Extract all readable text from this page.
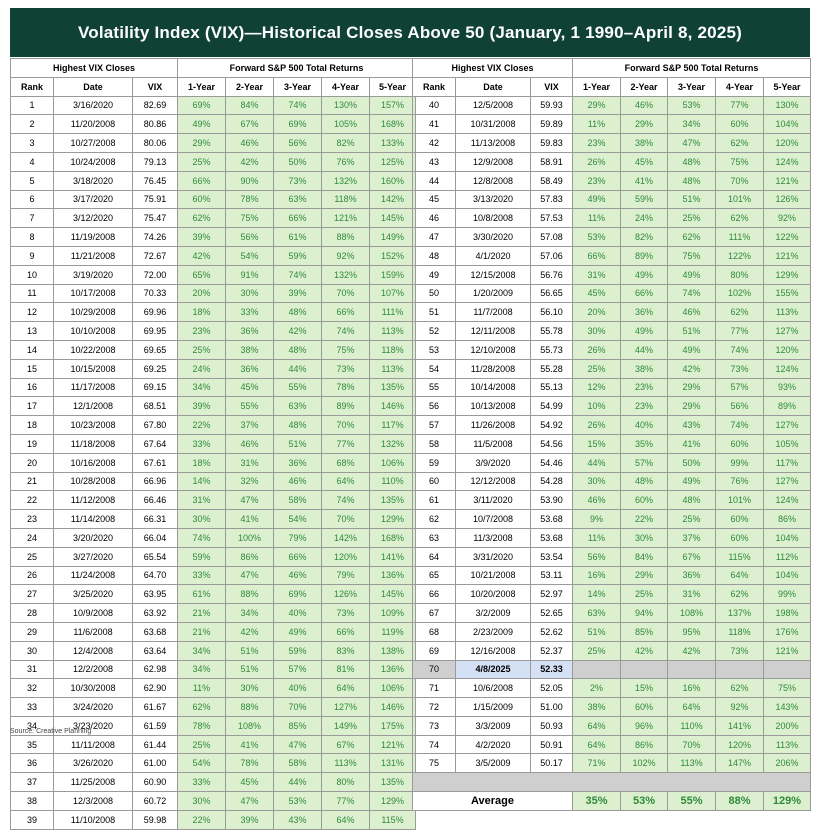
Volatility Index (VIX)—Historical Closes Above 50 (January, 1 1990–April 8, 2025)
Highest VIX Closes			Forward S&P 500 Total Returns				
Rank	Date	VIX	1-Year	2-Year	3-Year	4-Year	5-Year
1	3/16/2020	82.69	69%	84%	74%	130%	157%
2	11/20/2008	80.86	49%	67%	69%	105%	168%
3	10/27/2008	80.06	29%	46%	56%	82%	133%
4	10/24/2008	79.13	25%	42%	50%	76%	125%
5	3/18/2020	76.45	66%	90%	73%	132%	160%
6	3/17/2020	75.91	60%	78%	63%	118%	142%
7	3/12/2020	75.47	62%	75%	66%	121%	145%
8	11/19/2008	74.26	39%	56%	61%	88%	149%
9	11/21/2008	72.67	42%	54%	59%	92%	152%
10	3/19/2020	72.00	65%	91%	74%	132%	159%
11	10/17/2008	70.33	20%	30%	39%	70%	107%
12	10/29/2008	69.96	18%	33%	48%	66%	111%
13	10/10/2008	69.95	23%	36%	42%	74%	113%
14	10/22/2008	69.65	25%	38%	48%	75%	118%
15	10/15/2008	69.25	24%	36%	44%	73%	113%
16	11/17/2008	69.15	34%	45%	55%	78%	135%
17	12/1/2008	68.51	39%	55%	63%	89%	146%
18	10/23/2008	67.80	22%	37%	48%	70%	117%
19	11/18/2008	67.64	33%	46%	51%	77%	132%
20	10/16/2008	67.61	18%	31%	36%	68%	106%
21	10/28/2008	66.96	14%	32%	46%	64%	110%
22	11/12/2008	66.46	31%	47%	58%	74%	135%
23	11/14/2008	66.31	30%	41%	54%	70%	129%
24	3/20/2020	66.04	74%	100%	79%	142%	168%
25	3/27/2020	65.54	59%	86%	66%	120%	141%
26	11/24/2008	64.70	33%	47%	46%	79%	136%
27	3/25/2020	63.95	61%	88%	69%	126%	145%
28	10/9/2008	63.92	21%	34%	40%	73%	109%
29	11/6/2008	63.68	21%	42%	49%	66%	119%
30	12/4/2008	63.64	34%	51%	59%	83%	138%
31	12/2/2008	62.98	34%	51%	57%	81%	136%
32	10/30/2008	62.90	11%	30%	40%	64%	106%
33	3/24/2020	61.67	62%	88%	70%	127%	146%
34	3/23/2020	61.59	78%	108%	85%	149%	175%
35	11/11/2008	61.44	25%	41%	47%	67%	121%
36	3/26/2020	61.00	54%	78%	58%	113%	131%
37	11/25/2008	60.90	33%	45%	44%	80%	135%
38	12/3/2008	60.72	30%	47%	53%	77%	129%
39	11/10/2008	59.98	22%	39%	43%	64%	115%
Highest VIX Closes			Forward S&P 500 Total Returns				
Rank	Date	VIX	1-Year	2-Year	3-Year	4-Year	5-Year
40	12/5/2008	59.93	29%	46%	53%	77%	130%
41	10/31/2008	59.89	11%	29%	34%	60%	104%
42	11/13/2008	59.83	23%	38%	47%	62%	120%
43	12/9/2008	58.91	26%	45%	48%	75%	124%
44	12/8/2008	58.49	23%	41%	48%	70%	121%
45	3/13/2020	57.83	49%	59%	51%	101%	126%
46	10/8/2008	57.53	11%	24%	25%	62%	92%
47	3/30/2020	57.08	53%	82%	62%	111%	122%
48	4/1/2020	57.06	66%	89%	75%	122%	121%
49	12/15/2008	56.76	31%	49%	49%	80%	129%
50	1/20/2009	56.65	45%	66%	74%	102%	155%
51	11/7/2008	56.10	20%	36%	46%	62%	113%
52	12/11/2008	55.78	30%	49%	51%	77%	127%
53	12/10/2008	55.73	26%	44%	49%	74%	120%
54	11/28/2008	55.28	25%	38%	42%	73%	124%
55	10/14/2008	55.13	12%	23%	29%	57%	93%
56	10/13/2008	54.99	10%	23%	29%	56%	89%
57	11/26/2008	54.92	26%	40%	43%	74%	127%
58	11/5/2008	54.56	15%	35%	41%	60%	105%
59	3/9/2020	54.46	44%	57%	50%	99%	117%
60	12/12/2008	54.28	30%	48%	49%	76%	127%
61	3/11/2020	53.90	46%	60%	48%	101%	124%
62	10/7/2008	53.68	9%	22%	25%	60%	86%
63	11/3/2008	53.68	11%	30%	37%	60%	104%
64	3/31/2020	53.54	56%	84%	67%	115%	112%
65	10/21/2008	53.11	16%	29%	36%	64%	104%
66	10/20/2008	52.97	14%	25%	31%	62%	99%
67	3/2/2009	52.65	63%	94%	108%	137%	198%
68	2/23/2009	52.62	51%	85%	95%	118%	176%
69	12/16/2008	52.37	25%	42%	42%	73%	121%
70	4/8/2025	52.33					
71	10/6/2008	52.05	2%	15%	16%	62%	75%
72	1/15/2009	51.00	38%	60%	64%	92%	143%
73	3/3/2009	50.93	64%	96%	110%	141%	200%
74	4/2/2020	50.91	64%	86%	70%	120%	113%
75	3/5/2009	50.17	71%	102%	113%	147%	206%

Average			35%	53%	55%	88%	129%

Source: Creative Planning
